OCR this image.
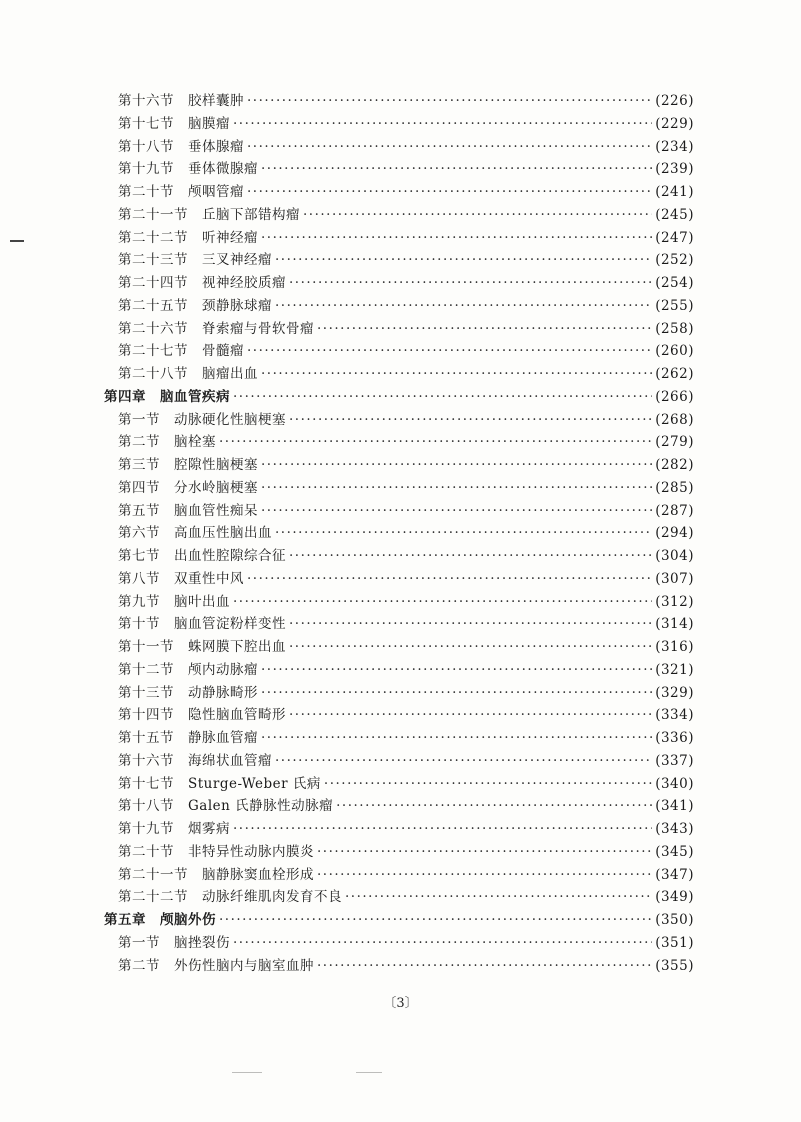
第十六节 胶样囊肿 ·····	(226)
第十七节 脑膜瘤 ·····	(229)
第十八节 垂体腺瘤 ·····	(234)
第十九节 垂体微腺瘤 ·····	(239)
第二十节 颅咽管瘤 ·····	(241)
第二十一节 丘脑下部错构瘤 ·····	(245)
第二十二节 听神经瘤 ·····	(247)
第二十三节 三叉神经瘤 ·····	(252)
第二十四节 视神经胶质瘤 ·····	(254)
第二十五节 颈静脉球瘤 ·····	(255)
第二十六节 脊索瘤与骨软骨瘤 ·····	(258)
第二十七节 骨髓瘤 ·····	(260)
第二十八节 脑瘤出血 ·····	(262)
第四章 脑血管疾病 ·····	(266)
第一节 动脉硬化性脑梗塞 ·····	(268)
第二节 脑栓塞 ·····	(279)
第三节 腔隙性脑梗塞 ·····	(282)
第四节 分水岭脑梗塞 ·····	(285)
第五节 脑血管性痴呆 ·····	(287)
第六节 高血压性脑出血 ·····	(294)
第七节 出血性腔隙综合征 ·····	(304)
第八节 双重性中风 ·····	(307)
第九节 脑叶出血 ·····	(312)
第十节 脑血管淀粉样变性 ·····	(314)
第十一节 蛛网膜下腔出血 ·····	(316)
第十二节 颅内动脉瘤 ·····	(321)
第十三节 动静脉畸形 ·····	(329)
第十四节 隐性脑血管畸形 ·····	(334)
第十五节 静脉血管瘤 ·····	(336)
第十六节 海绵状血管瘤 ·····	(337)
第十七节 Sturge-Weber 氏病 ·····	(340)
第十八节 Galen 氏静脉性动脉瘤 ·····	(341)
第十九节 烟雾病 ·····	(343)
第二十节 非特异性动脉内膜炎 ·····	(345)
第二十一节 脑静脉窦血栓形成 ·····	(347)
第二十二节 动脉纤维肌肉发育不良 ·····	(349)
第五章 颅脑外伤 ·····	(350)
第一节 脑挫裂伤 ·····	(351)
第二节 外伤性脑内与脑室血肿 ·····	(355)
〔3〕
